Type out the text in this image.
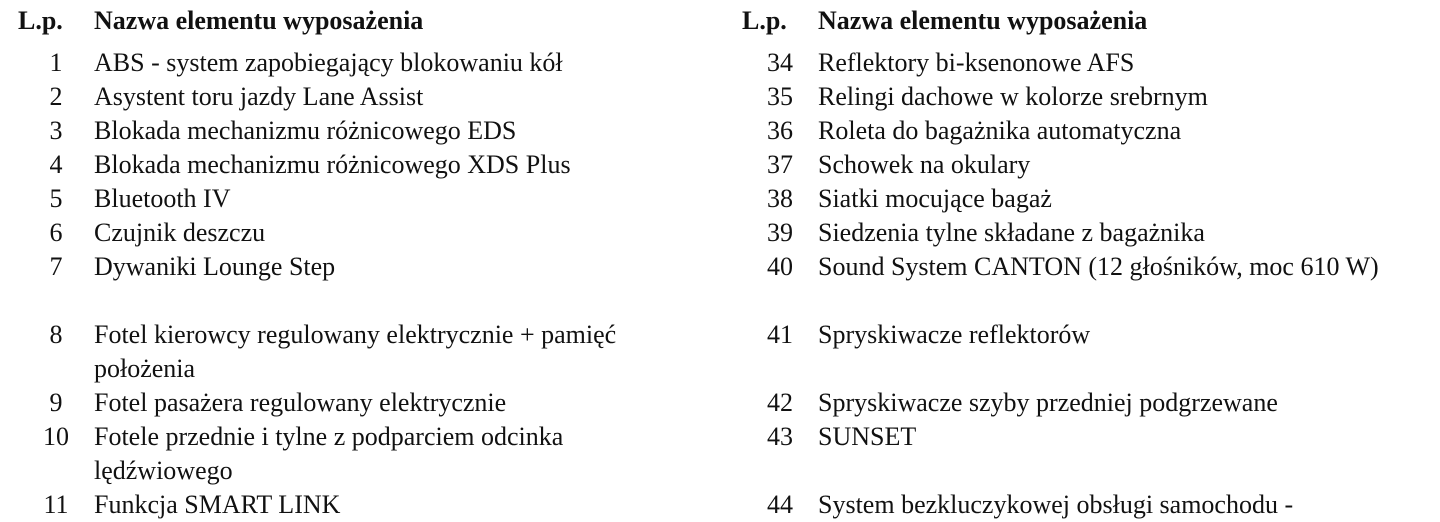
L.p.	Nazwa elementu wyposażenia
1	ABS - system zapobiegający blokowaniu kół
2	Asystent toru jazdy Lane Assist
3	Blokada mechanizmu różnicowego EDS
4	Blokada mechanizmu różnicowego XDS Plus
5	Bluetooth IV
6	Czujnik deszczu
7	Dywaniki Lounge Step
8	Fotel kierowcy regulowany elektrycznie + pamięć położenia
9	Fotel pasażera regulowany elektrycznie
10	Fotele przednie i tylne z podparciem odcinka lędźwiowego
11	Funkcja SMART LINK
L.p.	Nazwa elementu wyposażenia
34	Reflektory bi-ksenonowe AFS
35	Relingi dachowe w kolorze srebrnym
36	Roleta do bagażnika automatyczna
37	Schowek na okulary
38	Siatki mocujące bagaż
39	Siedzenia tylne składane z bagażnika
40	Sound System CANTON (12 głośników, moc 610 W)
41	Spryskiwacze reflektorów
42	Spryskiwacze szyby przedniej podgrzewane
43	SUNSET
44	System bezkluczykowej obsługi samochodu -
